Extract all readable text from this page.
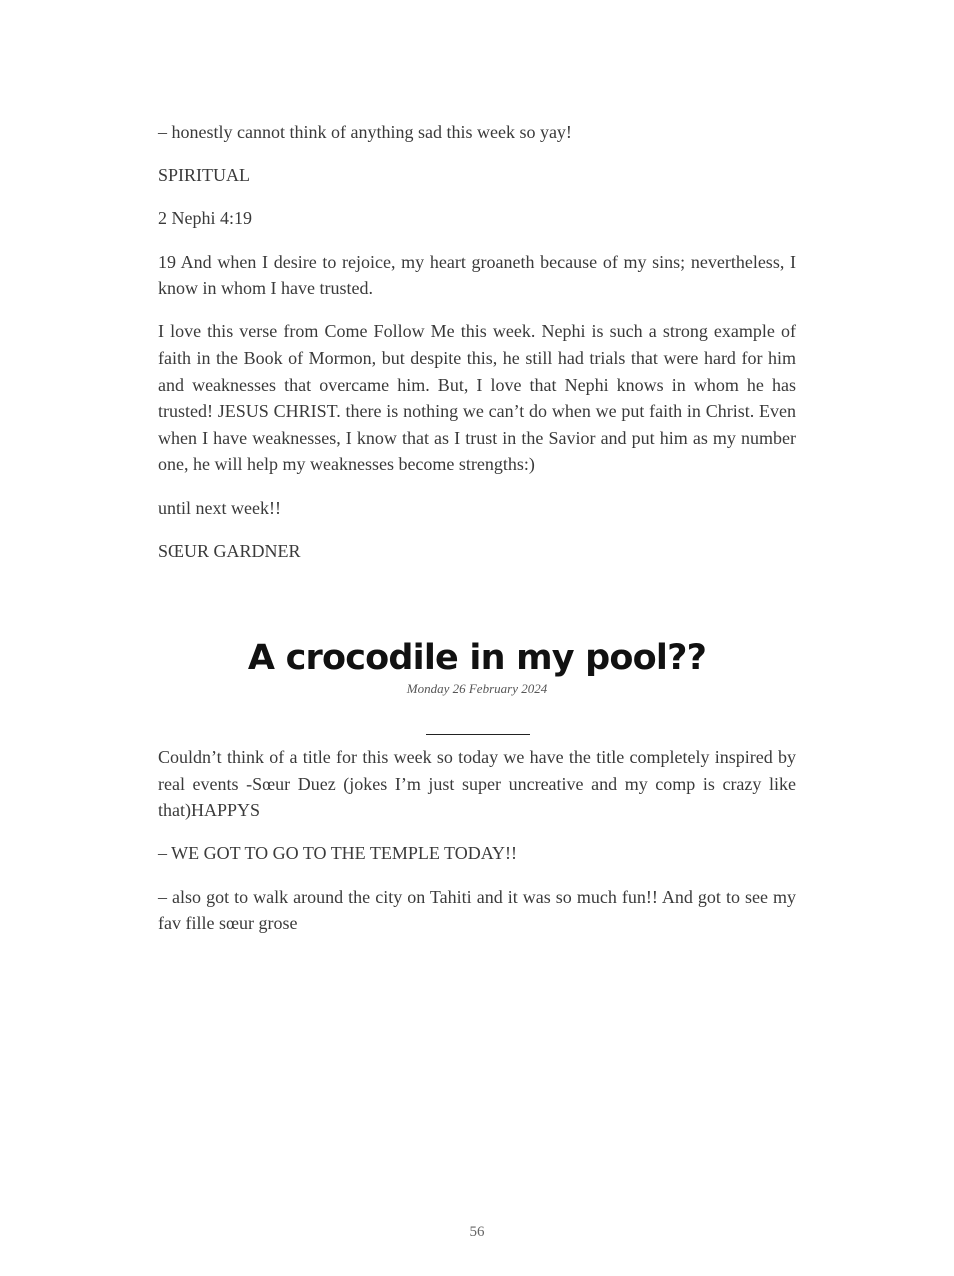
– honestly cannot think of anything sad this week so yay!

SPIRITUAL

2 Nephi 4:19

19 And when I desire to rejoice, my heart groaneth because of my sins; nevertheless, I know in whom I have trusted.

I love this verse from Come Follow Me this week. Nephi is such a strong example of faith in the Book of Mormon, but despite this, he still had trials that were hard for him and weaknesses that overcame him. But, I love that Nephi knows in whom he has trusted! JESUS CHRIST. there is nothing we can’t do when we put faith in Christ. Even when I have weaknesses, I know that as I trust in the Savior and put him as my number one, he will help my weaknesses become strengths:)

until next week!!

SŒUR GARDNER

A crocodile in my pool??
Monday 26 February 2024

Couldn’t think of a title for this week so today we have the title completely inspired by real events -Sœur Duez (jokes I’m just super uncreative and my comp is crazy like that)HAPPYS

– WE GOT TO GO TO THE TEMPLE TODAY!!

– also got to walk around the city on Tahiti and it was so much fun!! And got to see my fav fille sœur grose

56
